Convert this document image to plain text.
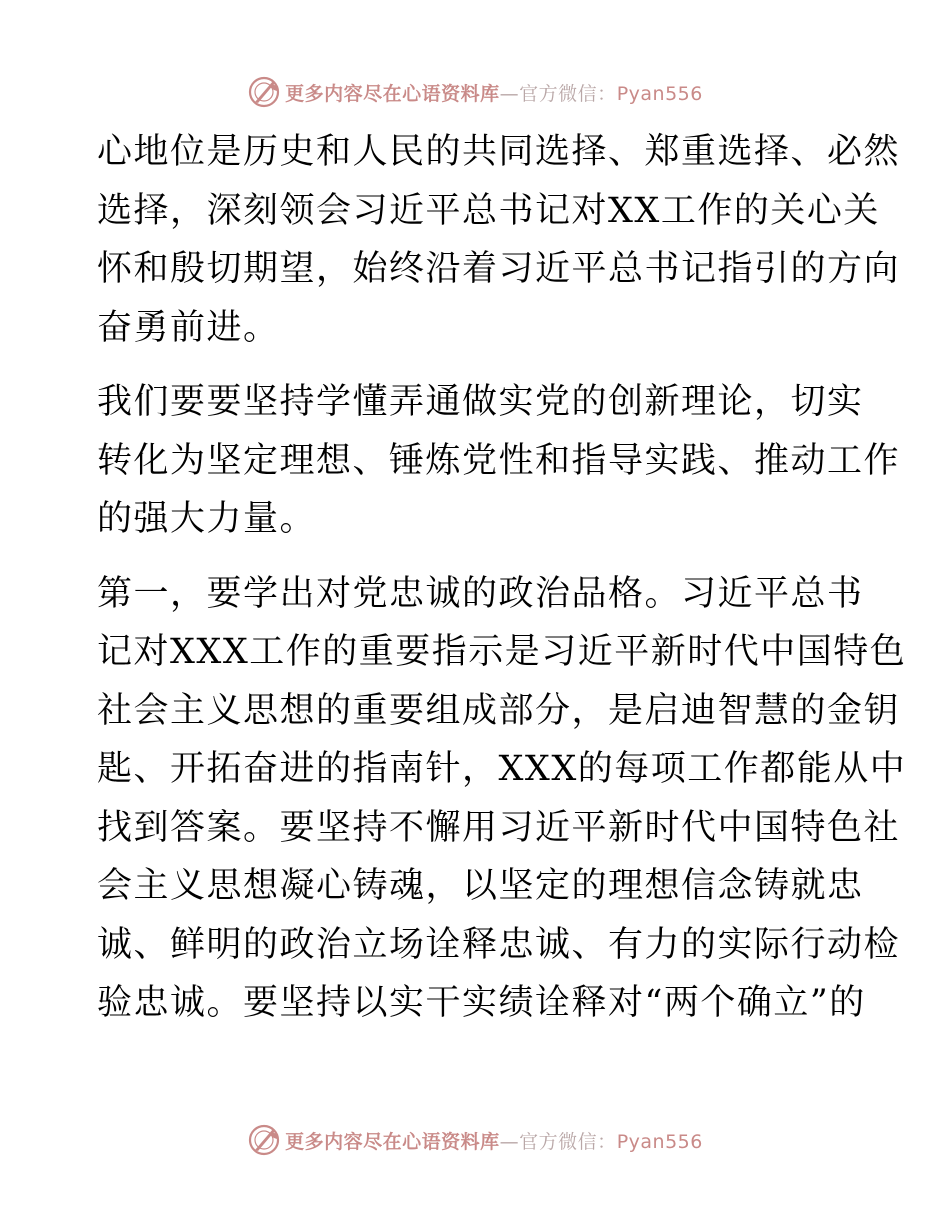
更多内容尽在心语资料库—官方微信：Pyan556
心地位是历史和人民的共同选择、郑重选择、必然
选择，深刻领会习近平总书记对XX工作的关心关
怀和殷切期望，始终沿着习近平总书记指引的方向
奋勇前进。
我们要要坚持学懂弄通做实党的创新理论，切实
转化为坚定理想、锤炼党性和指导实践、推动工作
的强大力量。
第一，要学出对党忠诚的政治品格。习近平总书
记对XXX工作的重要指示是习近平新时代中国特色
社会主义思想的重要组成部分，是启迪智慧的金钥
匙、开拓奋进的指南针，XXX的每项工作都能从中
找到答案。要坚持不懈用习近平新时代中国特色社
会主义思想凝心铸魂，以坚定的理想信念铸就忠
诚、鲜明的政治立场诠释忠诚、有力的实际行动检
验忠诚。要坚持以实干实绩诠释对“两个确立”的
更多内容尽在心语资料库—官方微信：Pyan556
